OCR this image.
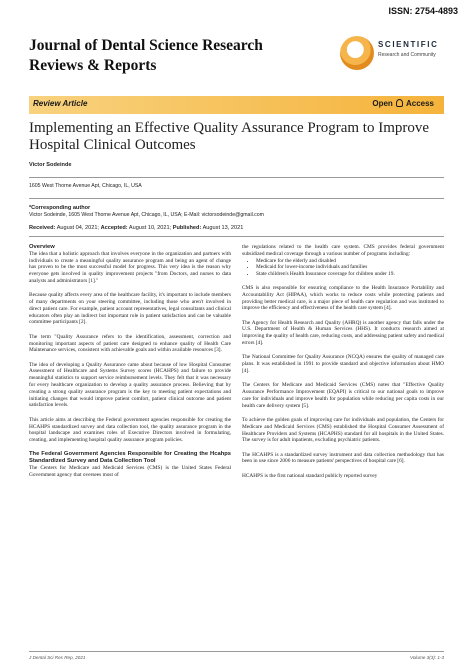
ISSN: 2754-4893
Journal of Dental Science Research
Reviews & Reports
SCIENTIFIC
Research and Community
Review Article	Open Access
Implementing an Effective Quality Assurance Program to Improve Hospital Clinical Outcomes
Victor Sodeinde
1605 West Thorne Avenue Apt, Chicago, IL, USA
*Corresponding author
Victor Sodeinde, 1605 West Thorne Avenue Apt, Chicago, IL, USA; E-Mail: victorsodeinde@gmail.com
Received: August 04, 2021; Accepted: August 10, 2021; Published: August 13, 2021

Overview

The idea that a holistic approach that involves everyone in the organization and partners with individuals to create a meaningful quality assurance program and being an agent of change has proven to be the most successful model for progress. This very idea is the reason why everyone gets involved in quality improvement projects "from Doctors, and nurses to data analysts and administrators [1]."

Because quality affects every area of the healthcare facility, it's important to include members of many departments on your steering committee, including those who aren't involved in direct patient care. For example, patient account representatives, legal consultants and clinical educators often play an indirect but important role in patient satisfaction and can be valuable committee participants [2].

The term "Quality Assurance refers to the identification, assessment, correction and monitoring important aspects of patient care designed to enhance quality of Health Care Maintenance services, consistent with achievable goals and within available resources [3].

The idea of developing a Quality Assurance came about because of low Hospital Consumer Assessment of Healthcare and Systems Survey scores (HCAHPS) and failure to provide meaningful statistics to support service reimbursement levels. They felt that it was necessary for every healthcare organization to develop a quality assurance process. Believing that by creating a strong quality assurance program is the key to meeting patient expectations and initiating changes that would improve patient comfort, patient clinical outcome and patient satisfaction levels.

This article aims at describing the Federal government agencies responsible for creating the HCAHPS standardized survey and data collection tool, the quality assurance program in the hospital landscape and examines roles of Executive Directors involved in formulating, creating, and implementing hospital quality assurance program policies.

The Federal Government Agencies Responsible for Creating the Hcahps Standardized Survey and Data Collection Tool

The Centers for Medicare and Medicaid Services (CMS) is the United States Federal Government agency that oversees most of

the regulations related to the health care system. CMS provides federal government subsidized medical coverage through a various number of programs including:

• Medicare for the elderly and disabled
• Medicaid for lower-income individuals and families
• State children's Health Insurance coverage for children under 19.

CMS is also responsible for ensuring compliance to the Health Insurance Portability and Accountability Act (HIPAA), which works to reduce costs while protecting patients and providing better medical care, is a major piece of health care regulation and was instituted to improve the efficiency and effectiveness of the health care system [4].

The Agency for Health Research and Quality (AHRQ) is another agency that falls under the U.S. Department of Health & Human Services (HHS). It conducts research aimed at improving the quality of health care, reducing costs, and addressing patient safety and medical errors [4].

The National Committee for Quality Assurance (NCQA) ensures the quality of managed care plans. It was established in 1991 to provide standard and objective information about HMO [4].

The Centers for Medicare and Medicaid Services (CMS) notes that "Effective Quality Assurance Performance Improvement (EQAPI) is critical to our national goals to improve care for individuals and improve health for population while reducing per capita costs in our health care delivery system [5].

To achieve the golden goals of improving care for individuals and population, the Centers for Medicare and Medicaid Services (CMS) established the Hospital Consumer Assessment of Healthcare Providers and Systems (HCAPHS) standard for all hospitals in the United States. The survey is for adult inpatients, excluding psychiatric patients.

The HCAHPS is a standardized survey instrument and data collection methodology that has been in use since 2006 to measure patients' perspectives of hospital care [6].

HCAHPS is the first national standard publicly reported survey

J Dental Sci Res Rep, 2021	Volume 3(3): 1-3
